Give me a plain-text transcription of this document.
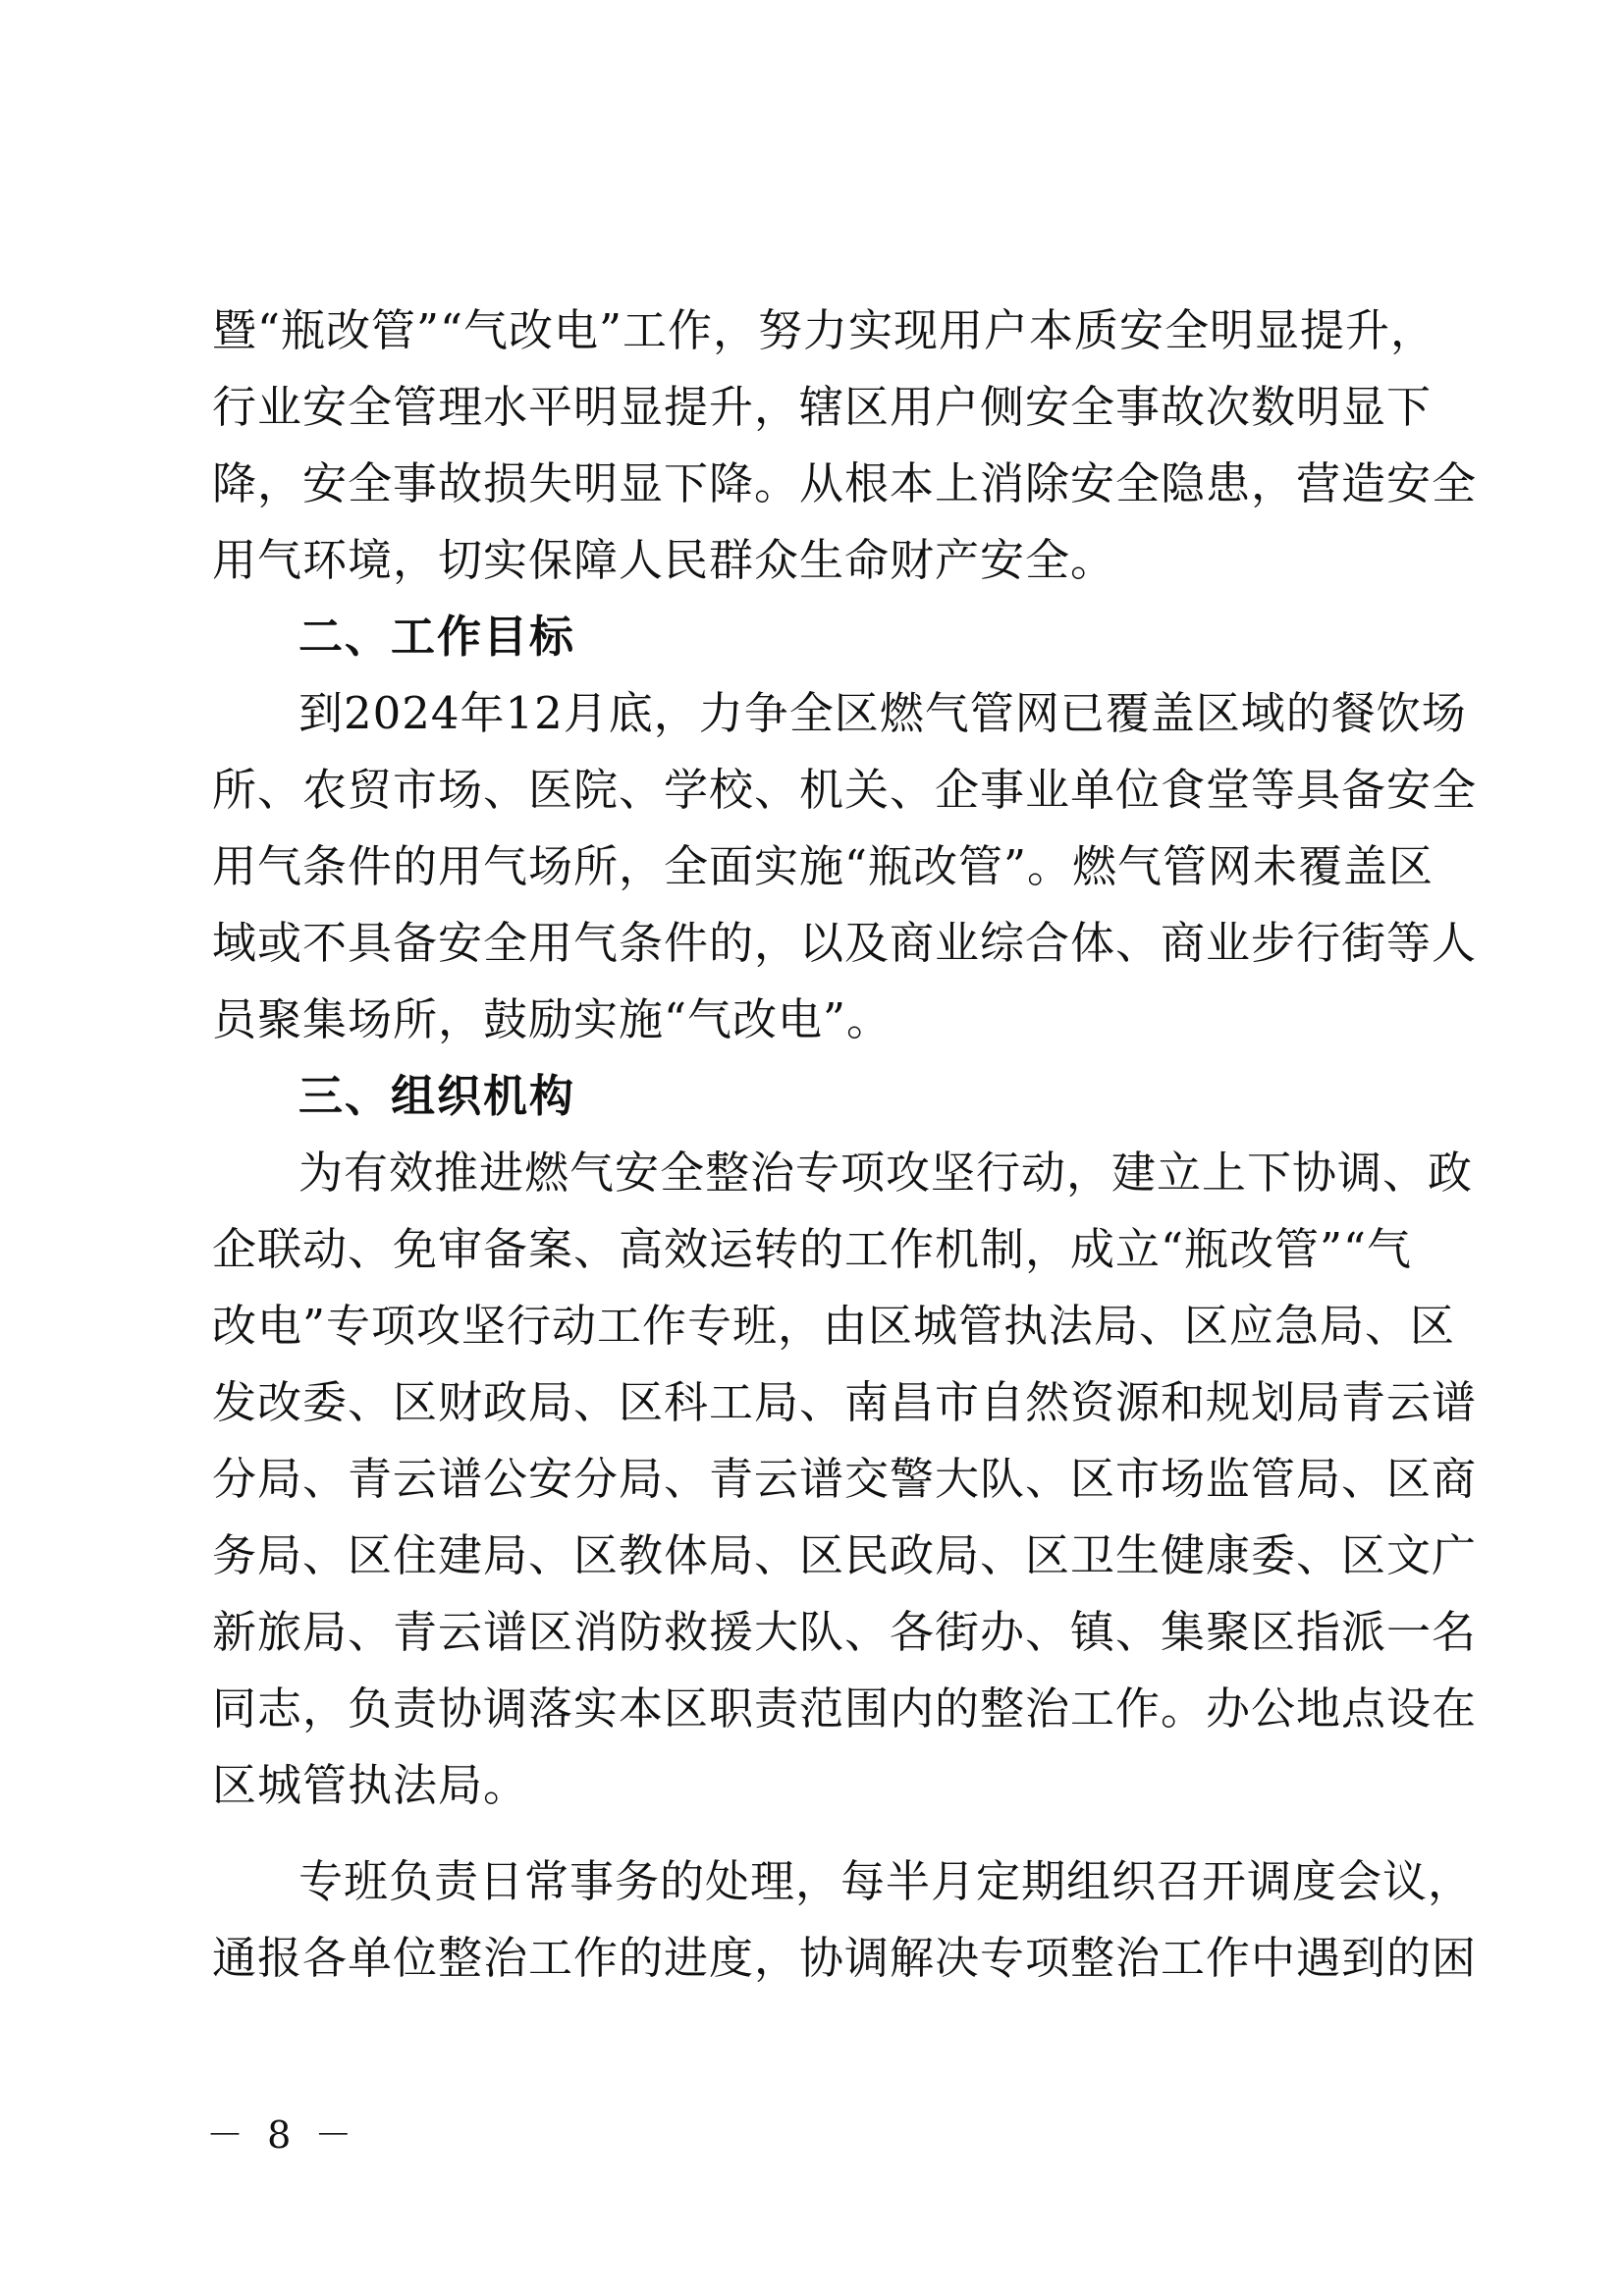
暨“瓶改管”“气改电”工作，努力实现用户本质安全明显提升，
行业安全管理水平明显提升，辖区用户侧安全事故次数明显下
降，安全事故损失明显下降。从根本上消除安全隐患，营造安全
用气环境，切实保障人民群众生命财产安全。
二、工作目标
到2024年12月底，力争全区燃气管网已覆盖区域的餐饮场
所、农贸市场、医院、学校、机关、企事业单位食堂等具备安全
用气条件的用气场所，全面实施“瓶改管”。燃气管网未覆盖区
域或不具备安全用气条件的，以及商业综合体、商业步行街等人
员聚集场所，鼓励实施“气改电”。
三、组织机构
为有效推进燃气安全整治专项攻坚行动，建立上下协调、政
企联动、免审备案、高效运转的工作机制，成立“瓶改管”“气
改电”专项攻坚行动工作专班，由区城管执法局、区应急局、区
发改委、区财政局、区科工局、南昌市自然资源和规划局青云谱
分局、青云谱公安分局、青云谱交警大队、区市场监管局、区商
务局、区住建局、区教体局、区民政局、区卫生健康委、区文广
新旅局、青云谱区消防救援大队、各街办、镇、集聚区指派一名
同志，负责协调落实本区职责范围内的整治工作。办公地点设在
区城管执法局。
专班负责日常事务的处理，每半月定期组织召开调度会议，
通报各单位整治工作的进度，协调解决专项整治工作中遇到的困
－ 8 －
